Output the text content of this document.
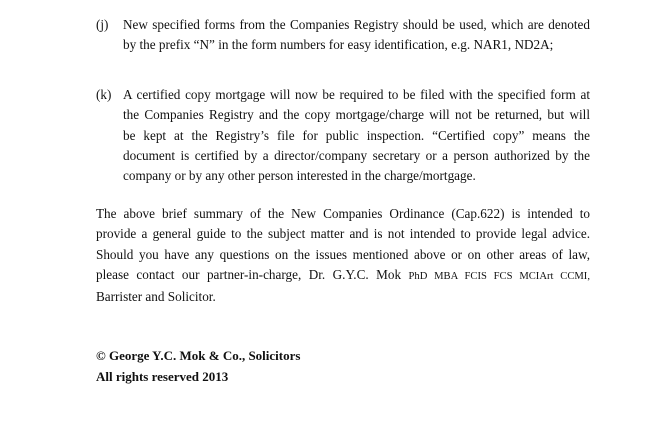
(j) New specified forms from the Companies Registry should be used, which are denoted
by the prefix “N” in the form numbers for easy identification, e.g. NAR1, ND2A;
(k) A certified copy mortgage will now be required to be filed with the specified form at
the Companies Registry and the copy mortgage/charge will not be returned, but will
be kept at the Registry’s file for public inspection. “Certified copy” means the
document is certified by a director/company secretary or a person authorized by the
company or by any other person interested in the charge/mortgage.
The above brief summary of the New Companies Ordinance (Cap.622) is intended to
provide a general guide to the subject matter and is not intended to provide legal advice.
Should you have any questions on the issues mentioned above or on other areas of law,
please contact our partner-in-charge, Dr. G.Y.C. Mok PhD MBA FCIS FCS MCIArt CCMI,
Barrister and Solicitor.
© George Y.C. Mok & Co., Solicitors
All rights reserved 2013
